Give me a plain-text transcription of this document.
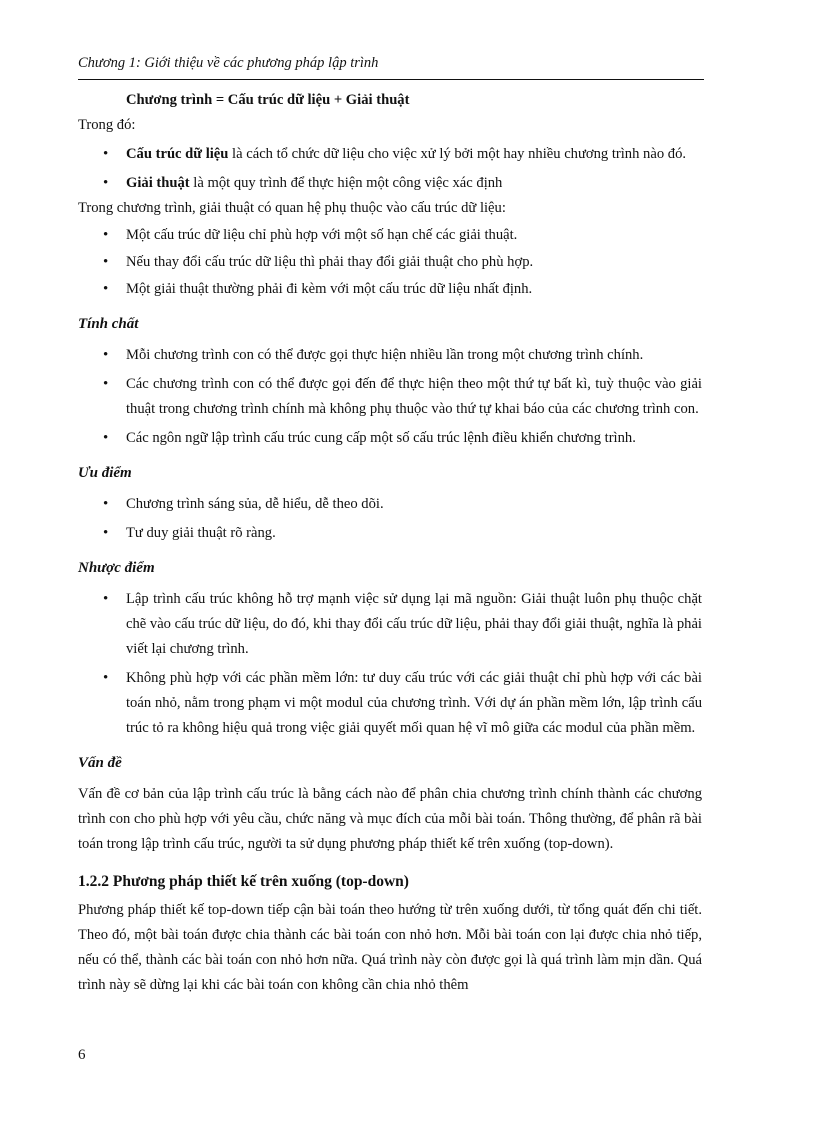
Chương 1: Giới thiệu về các phương pháp lập trình

Chương trình = Cấu trúc dữ liệu + Giải thuật

Trong đó:

• Cấu trúc dữ liệu là cách tổ chức dữ liệu cho việc xử lý bởi một hay nhiều chương trình nào đó.
• Giải thuật là một quy trình để thực hiện một công việc xác định

Trong chương trình, giải thuật có quan hệ phụ thuộc vào cấu trúc dữ liệu:

• Một cấu trúc dữ liệu chỉ phù hợp với một số hạn chế các giải thuật.
• Nếu thay đổi cấu trúc dữ liệu thì phải thay đổi giải thuật cho phù hợp.
• Một giải thuật thường phải đi kèm với một cấu trúc dữ liệu nhất định.
Tính chất
• Mỗi chương trình con có thể được gọi thực hiện nhiều lần trong một chương trình chính.
• Các chương trình con có thể được gọi đến để thực hiện theo một thứ tự bất kì, tuỳ thuộc vào giải thuật trong chương trình chính mà không phụ thuộc vào thứ tự khai báo của các chương trình con.
• Các ngôn ngữ lập trình cấu trúc cung cấp một số cấu trúc lệnh điều khiển chương trình.
Ưu điểm
• Chương trình sáng sủa, dễ hiểu, dễ theo dõi.
• Tư duy giải thuật rõ ràng.
Nhược điểm
• Lập trình cấu trúc không hỗ trợ mạnh việc sử dụng lại mã nguồn: Giải thuật luôn phụ thuộc chặt chẽ vào cấu trúc dữ liệu, do đó, khi thay đổi cấu trúc dữ liệu, phải thay đổi giải thuật, nghĩa là phải viết lại chương trình.
• Không phù hợp với các phần mềm lớn: tư duy cấu trúc với các giải thuật chỉ phù hợp với các bài toán nhỏ, nằm trong phạm vi một modul của chương trình. Với dự án phần mềm lớn, lập trình cấu trúc tỏ ra không hiệu quả trong việc giải quyết mối quan hệ vĩ mô giữa các modul của phần mềm.
Vấn đề

Vấn đề cơ bản của lập trình cấu trúc là bằng cách nào để phân chia chương trình chính thành các chương trình con cho phù hợp với yêu cầu, chức năng và mục đích của mỗi bài toán. Thông thường, để phân rã bài toán trong lập trình cấu trúc, người ta sử dụng phương pháp thiết kế trên xuống (top-down).

1.2.2 Phương pháp thiết kế trên xuống (top-down)

Phương pháp thiết kế top-down tiếp cận bài toán theo hướng từ trên xuống dưới, từ tổng quát đến chi tiết. Theo đó, một bài toán được chia thành các bài toán con nhỏ hơn. Mỗi bài toán con lại được chia nhỏ tiếp, nếu có thể, thành các bài toán con nhỏ hơn nữa. Quá trình này còn được gọi là quá trình làm mịn dần. Quá trình này sẽ dừng lại khi các bài toán con không cần chia nhỏ thêm

6
